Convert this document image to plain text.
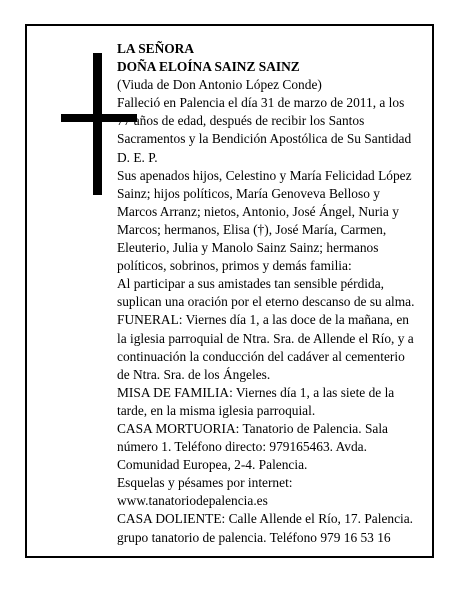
LA SEÑORA
DOÑA ELOÍNA SAINZ SAINZ
(Viuda de Don Antonio López Conde)
Falleció en Palencia el día 31 de marzo de 2011, a los
77 años de edad, después de recibir los Santos
Sacramentos y la Bendición Apostólica de Su Santidad
D. E. P.
Sus apenados hijos, Celestino y María Felicidad López
Sainz; hijos políticos, María Genoveva Belloso y
Marcos Arranz; nietos, Antonio, José Ángel, Nuria y
Marcos; hermanos, Elisa (†), José María, Carmen,
Eleuterio, Julia y Manolo Sainz Sainz; hermanos
políticos, sobrinos, primos y demás familia:
Al participar a sus amistades tan sensible pérdida,
suplican una oración por el eterno descanso de su alma.
FUNERAL: Viernes día 1, a las doce de la mañana, en
la iglesia parroquial de Ntra. Sra. de Allende el Río, y a
continuación la conducción del cadáver al cementerio
de Ntra. Sra. de los Ángeles.
MISA DE FAMILIA: Viernes día 1, a las siete de la
tarde, en la misma iglesia parroquial.
CASA MORTUORIA: Tanatorio de Palencia. Sala
número 1. Teléfono directo: 979165463. Avda.
Comunidad Europea, 2-4. Palencia.
Esquelas y pésames por internet:
www.tanatoriodepalencia.es
CASA DOLIENTE: Calle Allende el Río, 17. Palencia.
grupo tanatorio de palencia. Teléfono 979 16 53 16
